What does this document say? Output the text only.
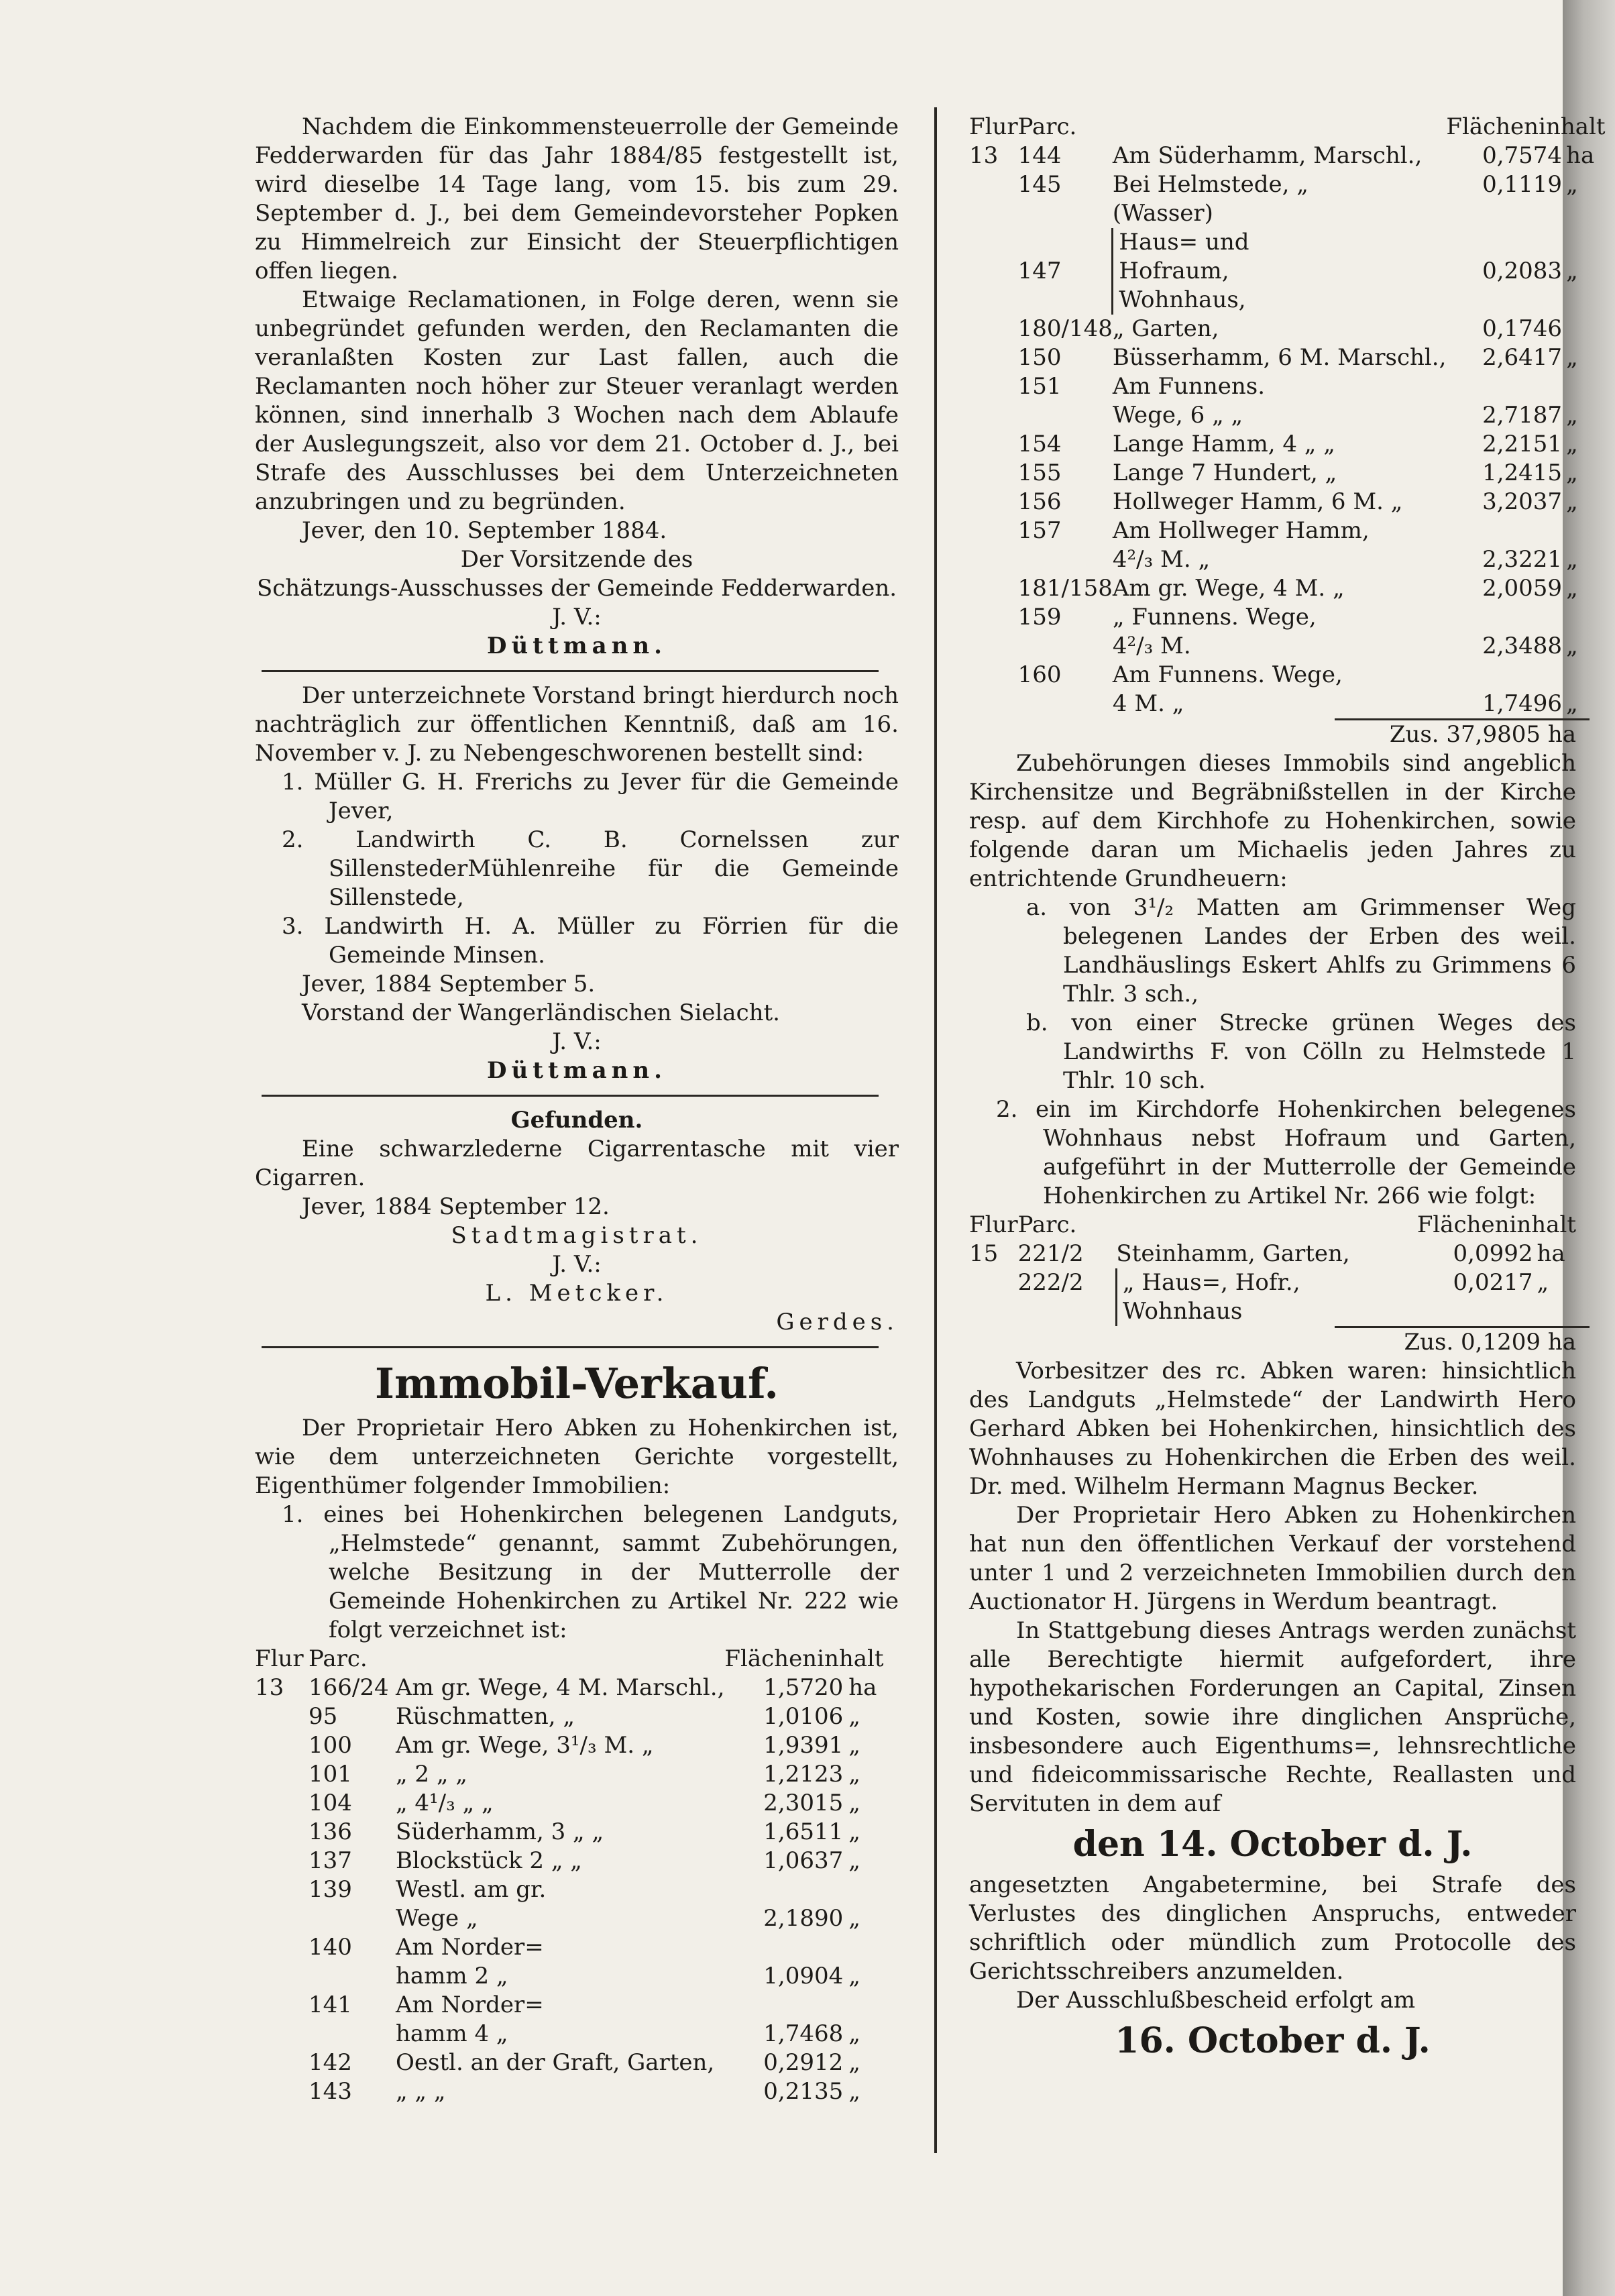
Nachdem die Einkommensteuerrolle der Gemeinde Fedderwarden für das Jahr 1884/85 festgestellt ist, wird dieselbe 14 Tage lang, vom 15. bis zum 29. September d. J., bei dem Gemeindevorsteher Popken zu Himmelreich zur Einsicht der Steuerpflichtigen offen liegen.

Etwaige Reclamationen, in Folge deren, wenn sie unbegründet gefunden werden, den Reclamanten die veranlaßten Kosten zur Last fallen, auch die Reclamanten noch höher zur Steuer veranlagt werden können, sind innerhalb 3 Wochen nach dem Ablaufe der Auslegungszeit, also vor dem 21. October d. J., bei Strafe des Ausschlusses bei dem Unterzeichneten anzubringen und zu begründen.

Jever, den 10. September 1884.

Der Vorsitzende des

Schätzungs-Ausschusses der Gemeinde Fedderwarden.

J. V.:

Düttmann.

Der unterzeichnete Vorstand bringt hierdurch noch nachträglich zur öffentlichen Kenntniß, daß am 16. November v. J. zu Nebengeschworenen bestellt sind:

1. Müller G. H. Frerichs zu Jever für die Gemeinde Jever,
2. Landwirth C. B. Cornelssen zur SillenstederMühlenreihe für die Gemeinde Sillenstede,
3. Landwirth H. A. Müller zu Förrien für die Gemeinde Minsen.

Jever, 1884 September 5.

Vorstand der Wangerländischen Sielacht.

J. V.:

Düttmann.

Gefunden.

Eine schwarzlederne Cigarrentasche mit vier Cigarren.

Jever, 1884 September 12.

Stadtmagistrat.

J. V.:

L. Metcker.

Gerdes.

Immobil-Verkauf.

Der Proprietair Hero Abken zu Hohenkirchen ist, wie dem unterzeichneten Gerichte vorgestellt, Eigenthümer folgender Immobilien:

1. eines bei Hohenkirchen belegenen Landguts, „Helmstede“ genannt, sammt Zubehörungen, welche Besitzung in der Mutterrolle der Gemeinde Hohenkirchen zu Artikel Nr. 222 wie folgt verzeichnet ist:
Flur	Parc.		Flächeninhalt	
13	166/24	Am gr. Wege, 4 M. Marschl.,	1,5720	ha
	95	Rüschmatten, „	1,0106	„
	100	Am gr. Wege, 3¹/₃ M. „	1,9391	„
	101	„ 2 „ „	1,2123	„
	104	„ 4¹/₃ „ „	2,3015	„
	136	Süderhamm, 3 „ „	1,6511	„
	137	Blockstück 2 „ „	1,0637	„
	139	Westl. am gr.		
		Wege „	2,1890	„
	140	Am Norder=		
		hamm 2 „	1,0904	„
	141	Am Norder=		
		hamm 4 „	1,7468	„
	142	Oestl. an der Graft, Garten,	0,2912	„
	143	„ „ „	0,2135	„
Flur	Parc.		Flächeninhalt	
13	144	Am Süderhamm, Marschl.,	0,7574	ha
	145	Bei Helmstede, „	0,1119	„
		(Wasser)		
		Haus= und		
	147	Hofraum,	0,2083	„
		Wohnhaus,		
	180/148	„ Garten,	0,1746	
	150	Büsserhamm, 6 M. Marschl.,	2,6417	„
	151	Am Funnens.		
		Wege, 6 „ „	2,7187	„
	154	Lange Hamm, 4 „ „	2,2151	„
	155	Lange 7 Hundert, „	1,2415	„
	156	Hollweger Hamm, 6 M. „	3,2037	„
	157	Am Hollweger Hamm,		
		4²/₃ M. „	2,3221	„
	181/158	Am gr. Wege, 4 M. „	2,0059	„
	159	„ Funnens. Wege,		
		4²/₃ M.	2,3488	„
	160	Am Funnens. Wege,		
		4 M. „	1,7496	„

Zus. 37,9805 ha

Zubehörungen dieses Immobils sind angeblich Kirchensitze und Begräbnißstellen in der Kirche resp. auf dem Kirchhofe zu Hohenkirchen, sowie folgende daran um Michaelis jeden Jahres zu entrichtende Grundheuern:

a. von 3¹/₂ Matten am Grimmenser Weg belegenen Landes der Erben des weil. Landhäuslings Eskert Ahlfs zu Grimmens 6 Thlr. 3 sch.,

b. von einer Strecke grünen Weges des Landwirths F. von Cölln zu Helmstede 1 Thlr. 10 sch.

2. ein im Kirchdorfe Hohenkirchen belegenes Wohnhaus nebst Hofraum und Garten, aufgeführt in der Mutterrolle der Gemeinde Hohenkirchen zu Artikel Nr. 266 wie folgt:
Flur	Parc.		Flächeninhalt	
15	221/2	Steinhamm, Garten,	0,0992	ha
	222/2	„ Haus=, Hofr.,	0,0217	„
		Wohnhaus		

Zus. 0,1209 ha

Vorbesitzer des rc. Abken waren: hinsichtlich des Landguts „Helmstede“ der Landwirth Hero Gerhard Abken bei Hohenkirchen, hinsichtlich des Wohnhauses zu Hohenkirchen die Erben des weil. Dr. med. Wilhelm Hermann Magnus Becker.

Der Proprietair Hero Abken zu Hohenkirchen hat nun den öffentlichen Verkauf der vorstehend unter 1 und 2 verzeichneten Immobilien durch den Auctionator H. Jürgens in Werdum beantragt.

In Stattgebung dieses Antrags werden zunächst alle Berechtigte hiermit aufgefordert, ihre hypothekarischen Forderungen an Capital, Zinsen und Kosten, sowie ihre dinglichen Ansprüche, insbesondere auch Eigenthums=, lehnsrechtliche und fideicommissarische Rechte, Reallasten und Servituten in dem auf

den 14. October d. J.

angesetzten Angabetermine, bei Strafe des Verlustes des dinglichen Anspruchs, entweder schriftlich oder mündlich zum Protocolle des Gerichtsschreibers anzumelden.

Der Ausschlußbescheid erfolgt am

16. October d. J.
